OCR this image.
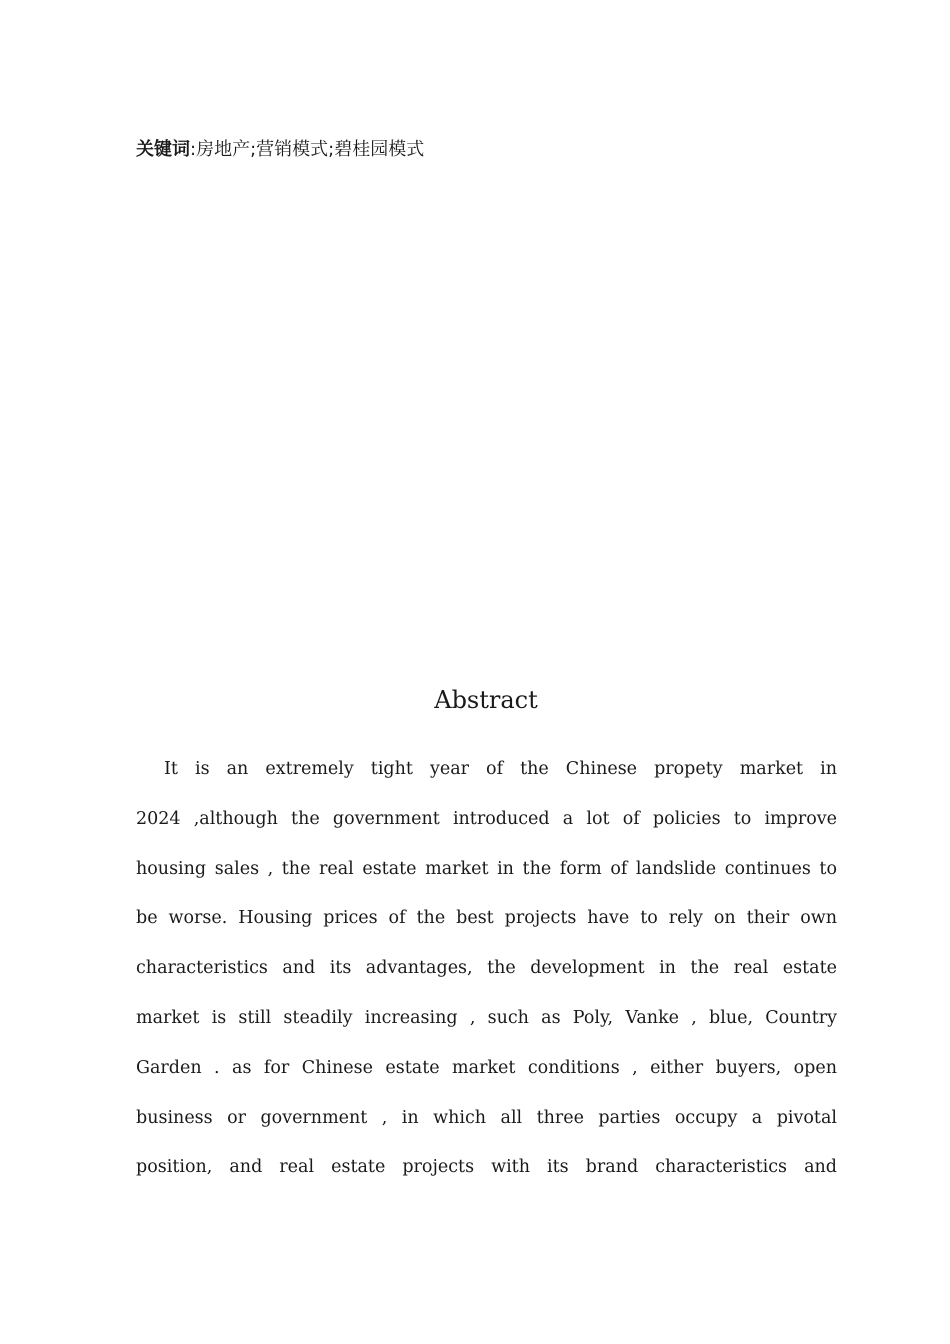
关键词:房地产;营销模式;碧桂园模式
Abstract
It is an extremely tight year of the Chinese propety market in
2024 ,although the government introduced a lot of policies to improve
housing sales , the real estate market in the form of landslide continues to
be worse. Housing prices of the best projects have to rely on their own
characteristics and its advantages, the development in the real estate
market is still steadily increasing , such as Poly, Vanke , blue, Country
Garden . as for Chinese estate market conditions , either buyers, open
business or government , in which all three parties occupy a pivotal
position, and real estate projects with its brand characteristics and
